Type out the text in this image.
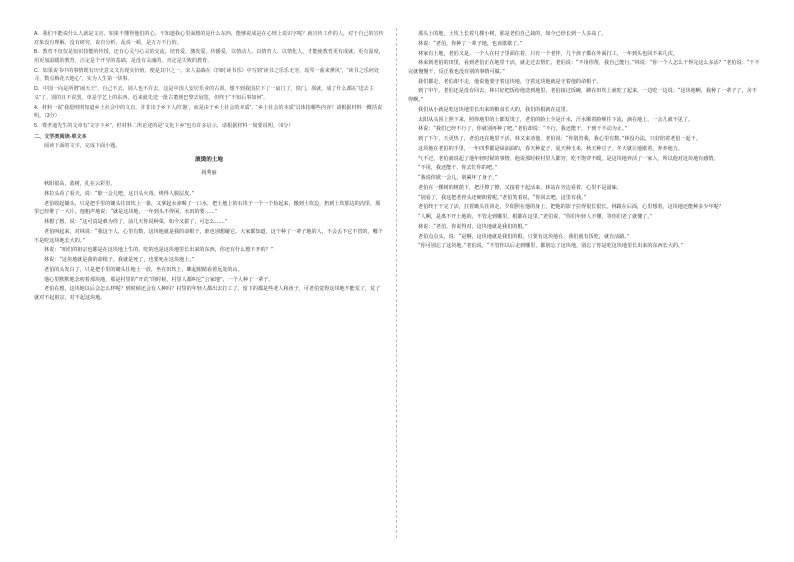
A．我们不能说什么人就是文盲，如果不懂得他们的心，不知道我心里面想的是什么东西，能够说成是在心理上说识字呢？就宣传工作的人，对于自己的宣传对象没有理解，没有研究，说有分析，乱说一顿，是万万不行的。

B．教育不仅仅是知识技能的传授，还有心灵与心灵的交流。培育爱、激发爱、传播爱，以情动人、以情育人、以情化人，才能使教育更有成就、更有温度，用更加温暖的教育，注定是个开导的基础，是没有灵魂的，肯定是失败的教育。

C．如果说书中的事情既有历史意义又有现实价值，便是其中之一。宋人翁森在《四时读书乐》中写到“读书之乐乐无穷，瑶琴一曲来薰风”，“读书之乐何处寻，数点梅花天地心”，实为人生第一快事。

D．中国一向是所谓“闹天王”，自己不去，别人也不许去，这是中国人安居乐业的古训。想不到我国拉下了一扇门了，铁门，那就，成了什么都在“送去主义”了。别的且不说罢，单是学艺上的东西，近来就先送一批古董到巴黎去展览，但终于“不知后事如何”。

4．材料一说“我愿明明知道乡土社会中的文盲，并非出于乡下人的‘愚’，而是由于乡土社会的本质”。“乡土社会的本质”具体指哪些内容？请根据材料一概括说明。（3分）

5．费孝通先生的文章有“文字下乡”，但材料二所论述的是“文化下乡”也有许多启示，请根据材料一简要说明。（6分）

二、文学类阅读-单文本

阅读下面的文字，完成下面小题。

滚烫的土地

阎秀丽

秋阳很高，蓝树，扎在云彩里。

林拉头看了看天，说：“歇一会儿吧，这日头火毒，烤得人脱层皮。”

老伯收起锄头，只是把手里的锄头往田坎上一靠，又拿起水壶喝了一口水，把土地上的石块子一个一个捡起来，搬到土坎边，扔到土坎那边的沟里，那里已经堆了一大片。他粗声地说：“就是这块地，一年到头不得闲，水田的要……”

林想了想，说：“这可真是难为你了，前几天你说种菜，如今又拔了，可怎么……”

老伯叫起来，对林说：“我这个人，心里有数，这块地就是我的命根子，谁也别想碰它。大家都知道，这个种了一辈子地的人，不会丢下它不管的，哪个不是吃这块地长大的。”

林说：“咱们的祖宗也都是在这块地上生的，吃的也是这块地里长出来的东西，你还有什么想不开的？”

林说：“这块地就是我的命根子，我就是死了，也要死在这块地上。”

老伯的头发白了，只是把手里的锄头往地上一放，坐在田坎上，眯起眼睛看着远处的山。

他心里默默地念叨着那块地，那是村里的“开荒”的时候，村里人都叫它“公家地”，一个人种了一辈子。

老伯在想，这块地以后会怎么样呢？到时候还会有人种吗？村里的年轻人都出去打工了，留下的都是些老人和孩子，可老伯觉得这块地不能荒了，荒了就对不起祖宗，对不起这块地。

那头上的地，土坎上长着几棵小树，那是老伯自己栽的，如今已经长到一人多高了。

林说：“老伯，你种了一辈子地，也该歇歇了。”

林家有土地，老伯又是，一个人在村子里面住着，只有一个老伴，几个孩子都在外面打工，一年到头也回不来几次。

林来到老伯的田里，看到老伯正在地里干活，就走过去帮忙，老伯说：“不用你帮，我自己能行。”林说：“你一个人怎么干得完这么多活？”老伯说：“干不完就慢慢干，反正我也没有别的事情可做。”

我们都走，老伯却不走，他说他要守着这块地，守着这块地就是守着他的命根子。

到了中午，老伯还是没有回去，林只好把饭给他送到地里，老伯接过饭碗，蹲在田坎上就吃了起来，一边吃一边说：“这块地啊，我种了一辈子了，舍不得啊。”

我们从小就是吃这块地里长出来的粮食长大的，我们的根就在这里。

太阳从头顶上照下来，照得地里的土都发烫了，老伯的脸上全是汗水，汗水顺着脸颊往下流，滴在地上，一会儿就不见了。

林说：“我们已经不行了，你就别再种了吧。”老伯却说：“不行，我还能干，干到干不动为止。”

到了下午，天更热了，老伯还在地里干活，林又来劝他，老伯说：“你别管我，我心里有数。”林没办法，只好陪着老伯一起干。

这块地在老伯的手里，一年四季都是绿油油的，春天种麦子，夏天种玉米，秋天种豆子，冬天就让地歇着，养养地力。

气不过，老伯就说起了他年轻时候的事情，他说那时候村里人都穷，吃不饱穿不暖，是这块地养活了一家人，所以他对这块地有感情。

“不用，我还能干，你去忙你的吧。”

“我说你歇一会儿，别累坏了身子。”

老伯在一棵树的树荫下，把汗擦了擦，又接着干起活来，林站在旁边看着，心里不是滋味。

“别看了，我这把老骨头还硬朗着呢。”老伯笑着说，“你回去吧，这里有我。”

老伯终于干完了活，扛着锄头往回走，夕阳照在他的身上，把他的影子拉得很长很长。林跟在后面，心里想着，这块地还能种多少年呢？

“人啊，是离不开土地的，不管走到哪里，根都在这里。”老伯说，“你们年轻人不懂，等你们老了就懂了。”

林说：“老伯，你说得对，这块地就是我们的根。”

老伯点点头，说：“是啊，这块地就是我们的根，只要有这块地在，我们就有饭吃，就有活路。”

“你可别忘了这块地。”老伯说，“不管你以后走到哪里，都别忘了这块地，别忘了你是吃这块地里长出来的东西长大的。”
